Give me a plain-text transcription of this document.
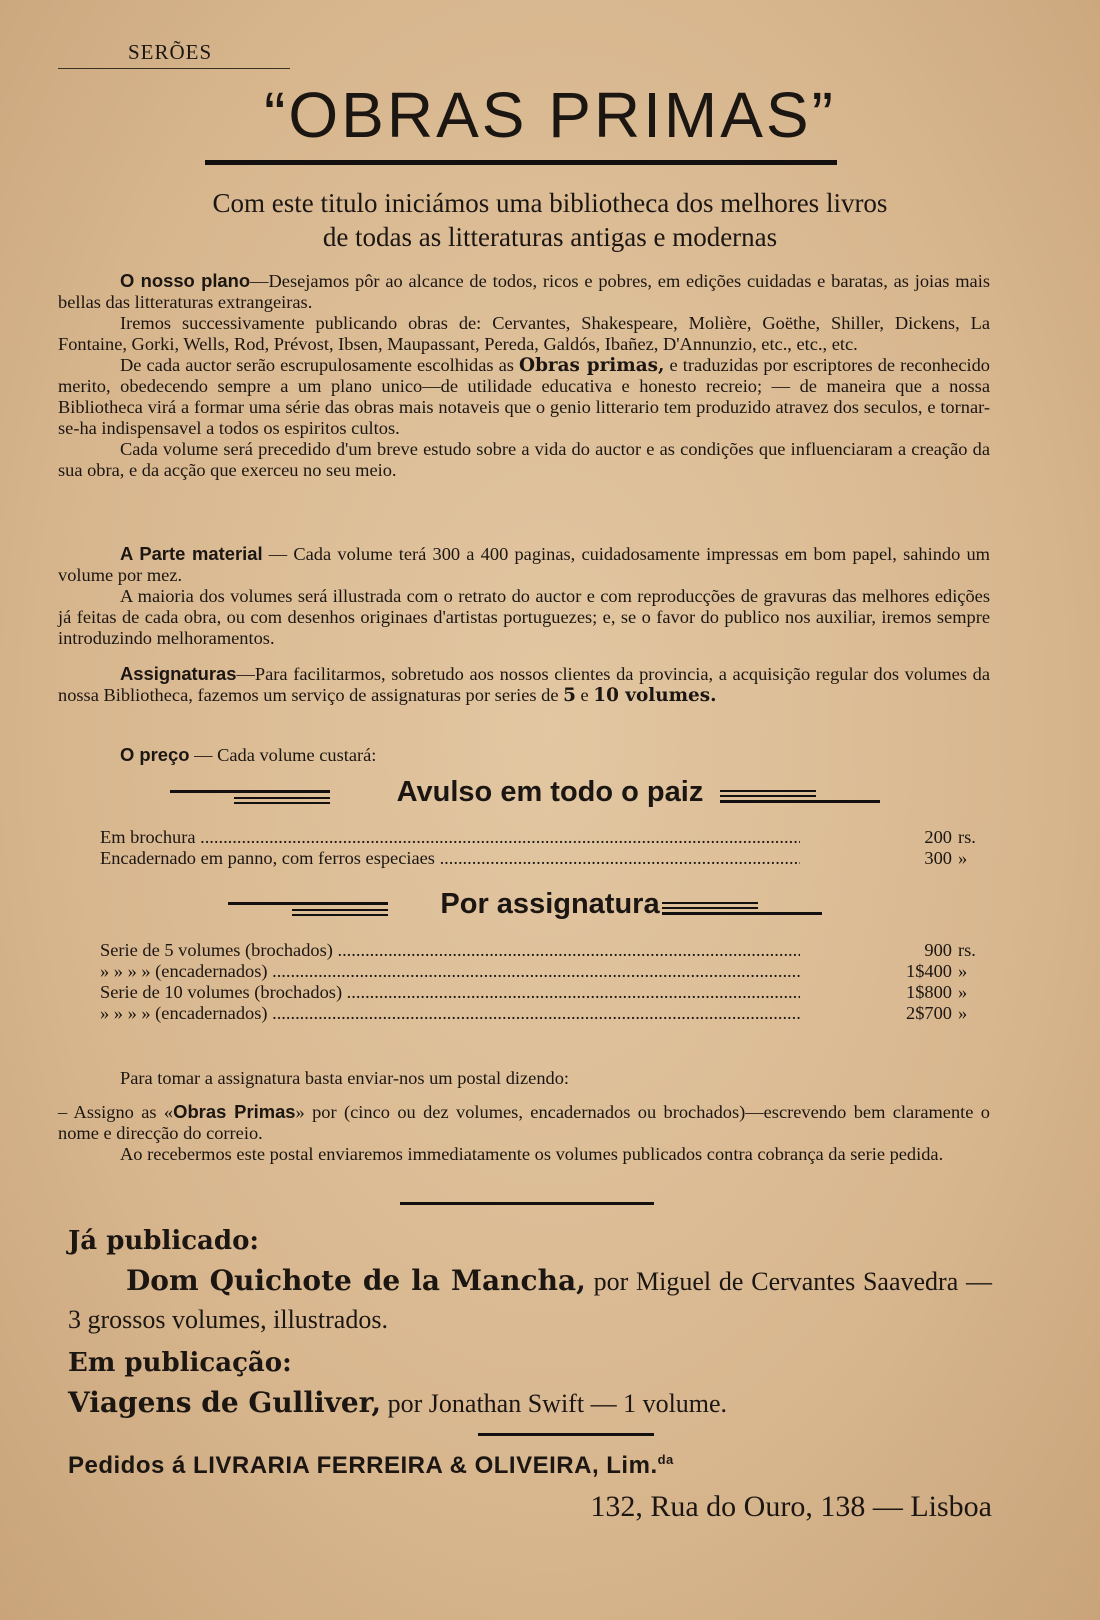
SERÕES
“OBRAS PRIMAS”
Com este titulo iniciámos uma bibliotheca dos melhores livros
de todas as litteraturas antigas e modernas

O nosso plano—Desejamos pôr ao alcance de todos, ricos e pobres, em edições cuidadas e baratas, as joias mais bellas das litteraturas extrangeiras.

Iremos successivamente publicando obras de: Cervantes, Shakespeare, Molière, Goëthe, Shiller, Dickens, La Fontaine, Gorki, Wells, Rod, Prévost, Ibsen, Maupassant, Pereda, Galdós, Ibañez, D'Annunzio, etc., etc., etc.

De cada auctor serão escrupulosamente escolhidas as Obras primas, e traduzidas por escriptores de reconhecido merito, obedecendo sempre a um plano unico—de utilidade educativa e honesto recreio; — de maneira que a nossa Bibliotheca virá a formar uma série das obras mais notaveis que o genio litterario tem produzido atravez dos seculos, e tornar-se-ha indispensavel a todos os espiritos cultos.

Cada volume será precedido d'um breve estudo sobre a vida do auctor e as condições que influenciaram a creação da sua obra, e da acção que exerceu no seu meio.

A Parte material — Cada volume terá 300 a 400 paginas, cuidadosamente impressas em bom papel, sahindo um volume por mez.

A maioria dos volumes será illustrada com o retrato do auctor e com reproducções de gravuras das melhores edições já feitas de cada obra, ou com desenhos originaes d'artistas portuguezes; e, se o favor do publico nos auxiliar, iremos sempre introduzindo melhoramentos.

Assignaturas—Para facilitarmos, sobretudo aos nossos clientes da provincia, a acquisição regular dos volumes da nossa Bibliotheca, fazemos um serviço de assignaturas por series de 5 e 10 volumes.

O preço — Cada volume custará:

Avulso em todo o paiz
Em brochura .....	200 rs.
Encadernado em panno, com ferros especiaes .....	300 »
Por assignatura
Serie de 5 volumes (brochados) .....	900 rs.
» » » » (encadernados) .....	1$400 »
Serie de 10 volumes (brochados) .....	1$800 »
» » » » (encadernados) .....	2$700 »

Para tomar a assignatura basta enviar-nos um postal dizendo:

– Assigno as «Obras Primas» por (cinco ou dez volumes, encadernados ou brochados)—escrevendo bem claramente o nome e direcção do correio.

Ao recebermos este postal enviaremos immediatamente os volumes publicados contra cobrança da serie pedida.

Já publicado:
Dom Quichote de la Mancha, por Miguel de Cervantes Saavedra — 3 grossos volumes, illustrados.
Em publicação:
Viagens de Gulliver, por Jonathan Swift — 1 volume.
Pedidos á LIVRARIA FERREIRA & OLIVEIRA, Lim.$^{da}$
132, Rua do Ouro, 138 — Lisboa
